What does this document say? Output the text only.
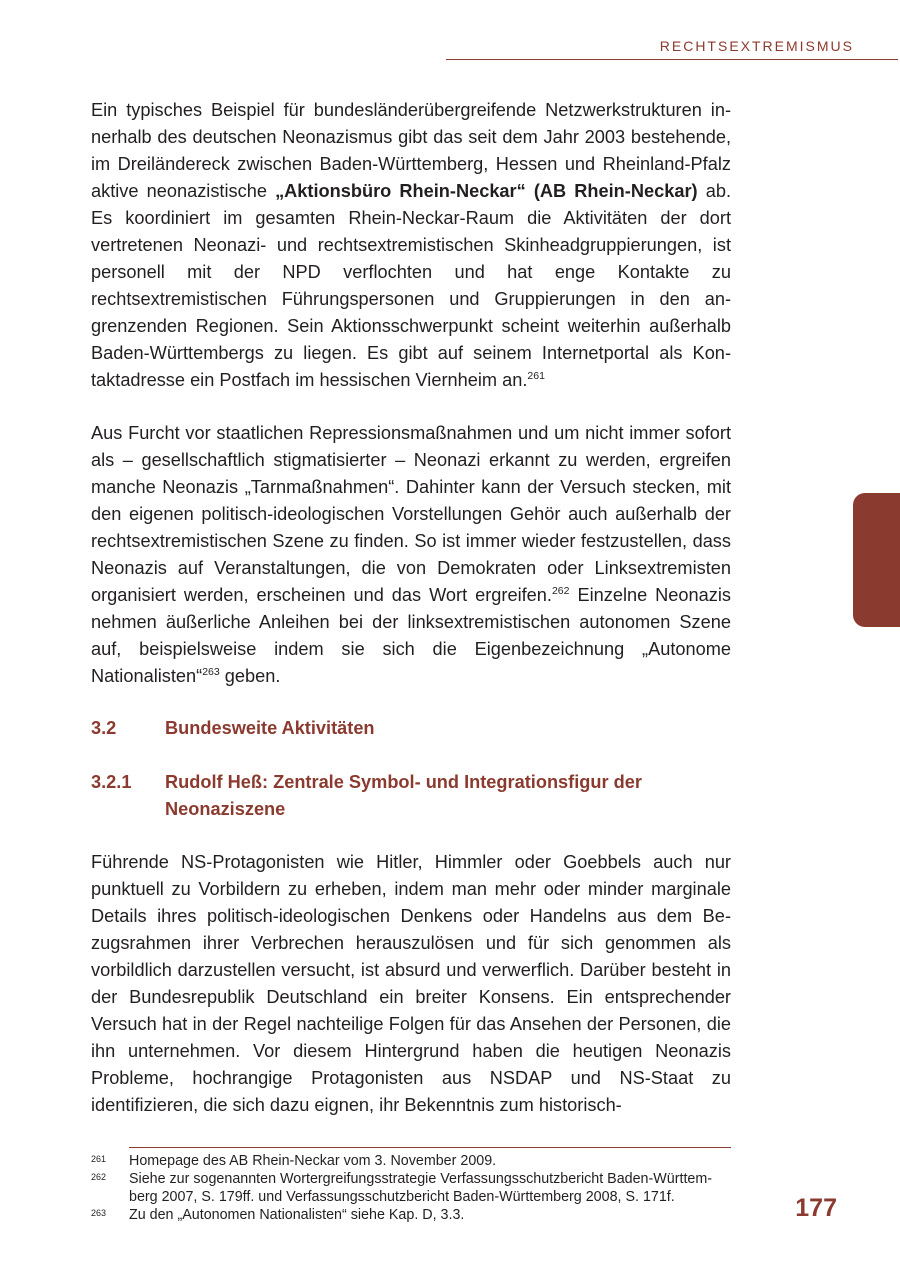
RECHTSEXTREMISMUS

Ein typisches Beispiel für bundesländerübergreifende Netzwerkstrukturen innerhalb des deutschen Neonazismus gibt das seit dem Jahr 2003 bestehende, im Dreiländereck zwischen Baden-Württemberg, Hessen und Rheinland-Pfalz aktive neonazistische „Aktionsbüro Rhein-Neckar“ (AB Rhein-Neckar) ab. Es koordiniert im gesamten Rhein-Neckar-Raum die Aktivitäten der dort vertretenen Neonazi- und rechtsextremistischen Skinheadgruppierungen, ist personell mit der NPD verflochten und hat enge Kontakte zu rechtsextremistischen Führungspersonen und Gruppierungen in den angrenzenden Regionen. Sein Aktionsschwerpunkt scheint weiterhin außerhalb Baden-Württembergs zu liegen. Es gibt auf seinem Internetportal als Kontaktadresse ein Postfach im hessischen Viernheim an.$^{261}$

Aus Furcht vor staatlichen Repressionsmaßnahmen und um nicht immer sofort als – gesellschaftlich stigmatisierter – Neonazi erkannt zu werden, ergreifen manche Neonazis „Tarnmaßnahmen“. Dahinter kann der Versuch stecken, mit den eigenen politisch-ideologischen Vorstellungen Gehör auch außerhalb der rechtsextremistischen Szene zu finden. So ist immer wieder festzustellen, dass Neonazis auf Veranstaltungen, die von Demokraten oder Linksextremisten organisiert werden, erscheinen und das Wort ergreifen.$^{262}$ Einzelne Neonazis nehmen äußerliche Anleihen bei der linksextremistischen autonomen Szene auf, beispielsweise indem sie sich die Eigenbezeichnung „Autonome Nationalisten“$^{263}$ geben.

3.2	Bundesweite Aktivitäten
3.2.1	Rudolf Heß: Zentrale Symbol- und Integrationsfigur der Neonaziszene

Führende NS-Protagonisten wie Hitler, Himmler oder Goebbels auch nur punktuell zu Vorbildern zu erheben, indem man mehr oder minder marginale Details ihres politisch-ideologischen Denkens oder Handelns aus dem Bezugsrahmen ihrer Verbrechen herauszulösen und für sich genommen als vorbildlich darzustellen versucht, ist absurd und verwerflich. Darüber besteht in der Bundesrepublik Deutschland ein breiter Konsens. Ein entsprechender Versuch hat in der Regel nachteilige Folgen für das Ansehen der Personen, die ihn unternehmen. Vor diesem Hintergrund haben die heutigen Neonazis Probleme, hochrangige Protagonisten aus NSDAP und NS-Staat zu identifizieren, die sich dazu eignen, ihr Bekenntnis zum historisch-

261	Homepage des AB Rhein-Neckar vom 3. November 2009.
262	Siehe zur sogenannten Wortergreifungsstrategie Verfassungsschutzbericht Baden-Württemberg 2007, S. 179ff. und Verfassungsschutzbericht Baden-Württemberg 2008, S. 171f.
263	Zu den „Autonomen Nationalisten“ siehe Kap. D, 3.3.	177
